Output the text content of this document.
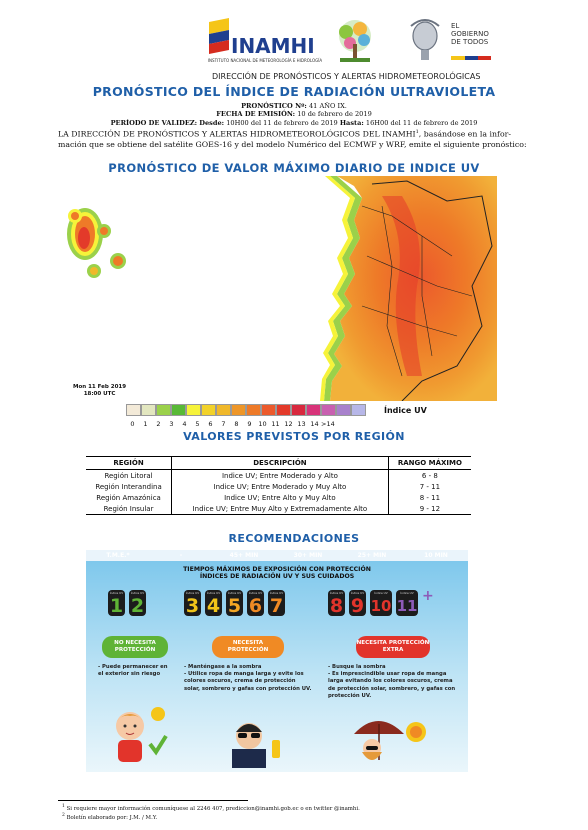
INAMHI
INSTITUTO NACIONAL DE METEOROLOGÍA E HIDROLOGÍA
EL
GOBIERNO
DE TODOS
DIRECCIÓN DE PRONÓSTICOS Y ALERTAS HIDROMETEOROLÓGICAS
PRONÓSTICO DEL ÍNDICE DE RADIACIÓN ULTRAVIOLETA
PRONÓSTICO Nº: 41 AÑO IX.
FECHA DE EMISIÓN: 10 de febrero de 2019
PERÍODO DE VALIDEZ: Desde: 10H00 del 11 de febrero de 2019 Hasta: 16H00 del 11 de febrero de 2019
LA DIRECCIÓN DE PRONÓSTICOS Y ALERTAS HIDROMETEOROLÓGICOS DEL INAMHI$^1$, basándose en la infor-
mación que se obtiene del satélite GOES-16 y del modelo Numérico del ECMWF y WRF, emite el siguiente pronóstico:
PRONÓSTICO DE VALOR MÁXIMO DIARIO DE INDICE UV
Mon 11 Feb 2019
18:00 UTC
0	1	2	3	4	5	6	7	8	9	10 11 12 13 14 >14
Índice UV
VALORES PREVISTOS POR REGIÓN
REGIÓN	DESCRIPCIÓN	RANGO MÁXIMO
Región Litoral	Indice UV; Entre Moderado y Alto	6 - 8
Región Interandina	Indice UV; Entre Moderado y Muy Alto	7 - 11
Región Amazónica	Indice UV; Entre Alto y Muy Alto	8 - 11
Región Insular	Indice UV; Entre Muy Alto y Extremadamente Alto	9 - 12
RECOMENDACIONES
T.M.E.*	-	45+ MIN	30+ MIN	25+ MIN	10 MIN
TIEMPOS MÁXIMOS DE EXPOSICIÓN CON PROTECCIÓN
ÍNDICES DE RADIACIÓN UV Y SUS CUIDADOS
Índice UV
1
Índice UV
2
NO NECESITA PROTECCIÓN
- Puede permanecer en el exterior sin riesgo
Índice UV
3
Índice UV
4
Índice UV
5
Índice UV
6
Índice UV
7
NECESITA PROTECCIÓN
- Manténgase a la sombra
- Utilice ropa de manga larga y evite los colores oscuros, crema de protección solar, sombrero y gafas con protección UV.
Índice UV
8
Índice UV
9
Índice UV
10
Índice UV
11
+
NECESITA PROTECCIÓN EXTRA
- Busque la sombra
- Es imprescindible usar ropa de manga larga evitando los colores oscuros, crema de protección solar, sombrero, y gafas con protección UV.
$^1$ Si requiere mayor información comuníquese al 2246 407, prediccion@inamhi.gob.ec o en twitter @inamhi.
$^2$ Boletín elaborado por: J.M. / M.Y.
